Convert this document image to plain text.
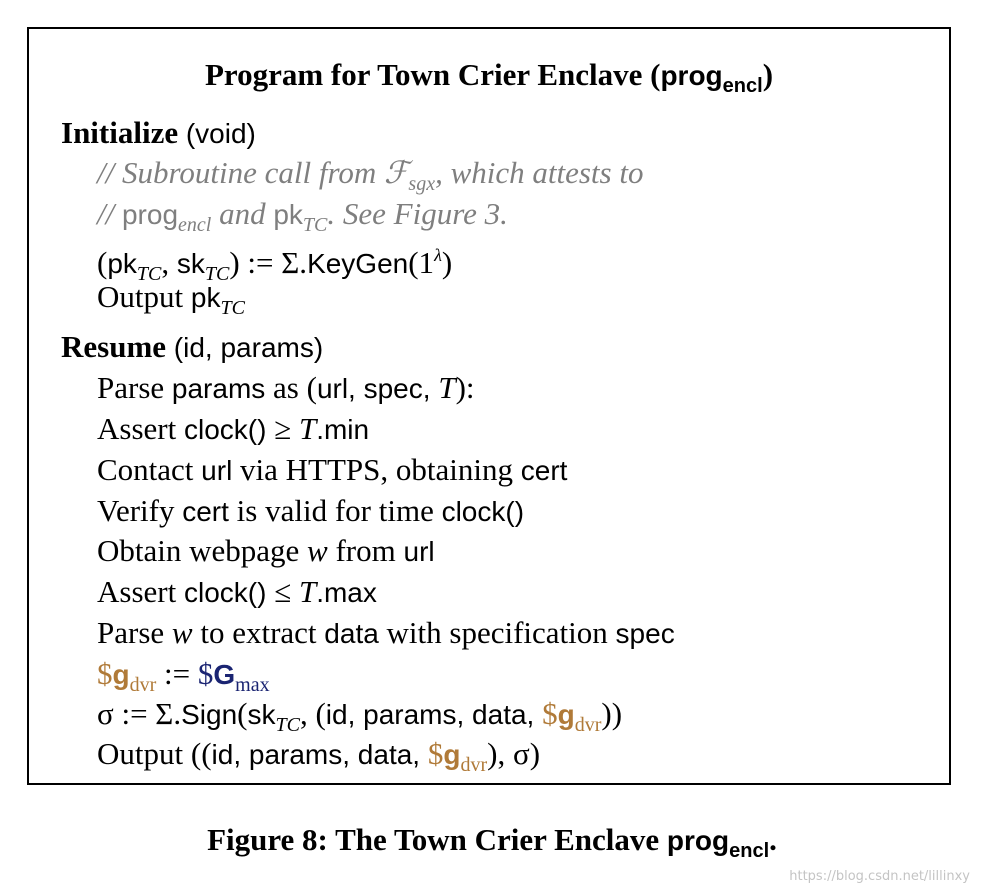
Program for Town Crier Enclave (prog$_{encl}$)
Initialize (void)
// Subroutine call from ℱ$_{sgx}$, which attests to
// prog$_{encl}$ and $pk_{TC}$. See Figure 3.
($pk_{TC}$, $sk_{TC}$) := $\Sigma.KeyGen(1^\lambda)$
Output $pk_{TC}$
Resume (id, params)
Parse params as (url, spec, T):
Assert clock() ≥ T.min
Contact url via HTTPS, obtaining cert
Verify cert is valid for time clock()
Obtain webpage w from url
Assert clock() ≤ T.max
Parse w to extract data with specification spec
$\$g_{dvr}$ := $\$G_{max}$
σ := $\Sigma.Sign(sk_{TC}$, (id, params, data, $\$g_{dvr}$))
Output ((id, params, data, $\$g_{dvr}$), σ)
Figure 8: The Town Crier Enclave prog$_{encl}$.
https://blog.csdn.net/lillinxy
